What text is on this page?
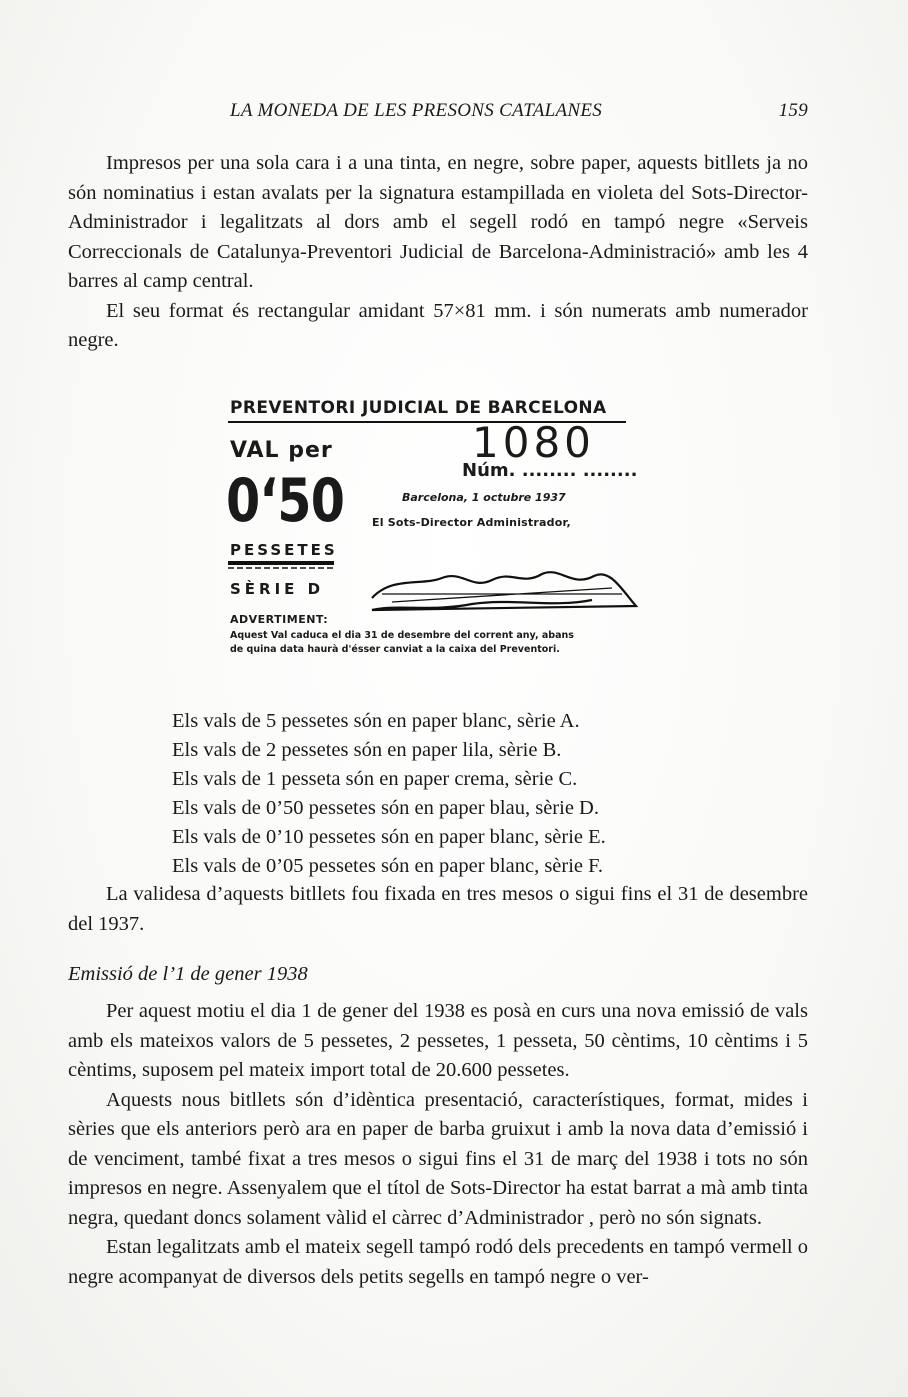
LA MONEDA DE LES PRESONS CATALANES	159

Impresos per una sola cara i a una tinta, en negre, sobre paper, aquests bitllets ja no són nominatius i estan avalats per la signatura estampillada en violeta del Sots-Director- Administrador i legalitzats al dors amb el segell rodó en tampó negre «Serveis Correccionals de Catalunya-Preventori Judicial de Barcelona-Administració» amb les 4 barres al camp central.

El seu format és rectangular amidant 57×81 mm. i són numerats amb numerador negre.

PREVENTORI JUDICIAL DE BARCELONA
VAL per
0‘50
1080
Núm. ........ ........
Barcelona, 1 octubre 1937
El Sots-Director Administrador,
PESSETES
SÈRIE D
ADVERTIMENT:
Aquest Val caduca el dia 31 de desembre del corrent any, abans
de quina data haurà d'ésser canviat a la caixa del Preventori.
Els vals de 5 pessetes són en paper blanc, sèrie A.
Els vals de 2 pessetes són en paper lila, sèrie B.
Els vals de 1 pesseta són en paper crema, sèrie C.
Els vals de 0’50 pessetes són en paper blau, sèrie D.
Els vals de 0’10 pessetes són en paper blanc, sèrie E.
Els vals de 0’05 pessetes són en paper blanc, sèrie F.

La validesa d’aquests bitllets fou fixada en tres mesos o sigui fins el 31 de desembre del 1937.

Emissió de l’1 de gener 1938

Per aquest motiu el dia 1 de gener del 1938 es posà en curs una nova emissió de vals amb els mateixos valors de 5 pessetes, 2 pessetes, 1 pesseta, 50 cèntims, 10 cèntims i 5 cèntims, suposem pel mateix import total de 20.600 pessetes.

Aquests nous bitllets són d’idèntica presentació, característiques, format, mides i sèries que els anteriors però ara en paper de barba gruixut i amb la nova data d’emissió i de venciment, també fixat a tres mesos o sigui fins el 31 de març del 1938 i tots no són impresos en negre. Assenyalem que el títol de Sots-Director ha estat barrat a mà amb tinta negra, quedant doncs solament vàlid el càrrec d’Administrador , però no són signats.

Estan legalitzats amb el mateix segell tampó rodó dels precedents en tampó vermell o negre acompanyat de diversos dels petits segells en tampó negre o ver-
